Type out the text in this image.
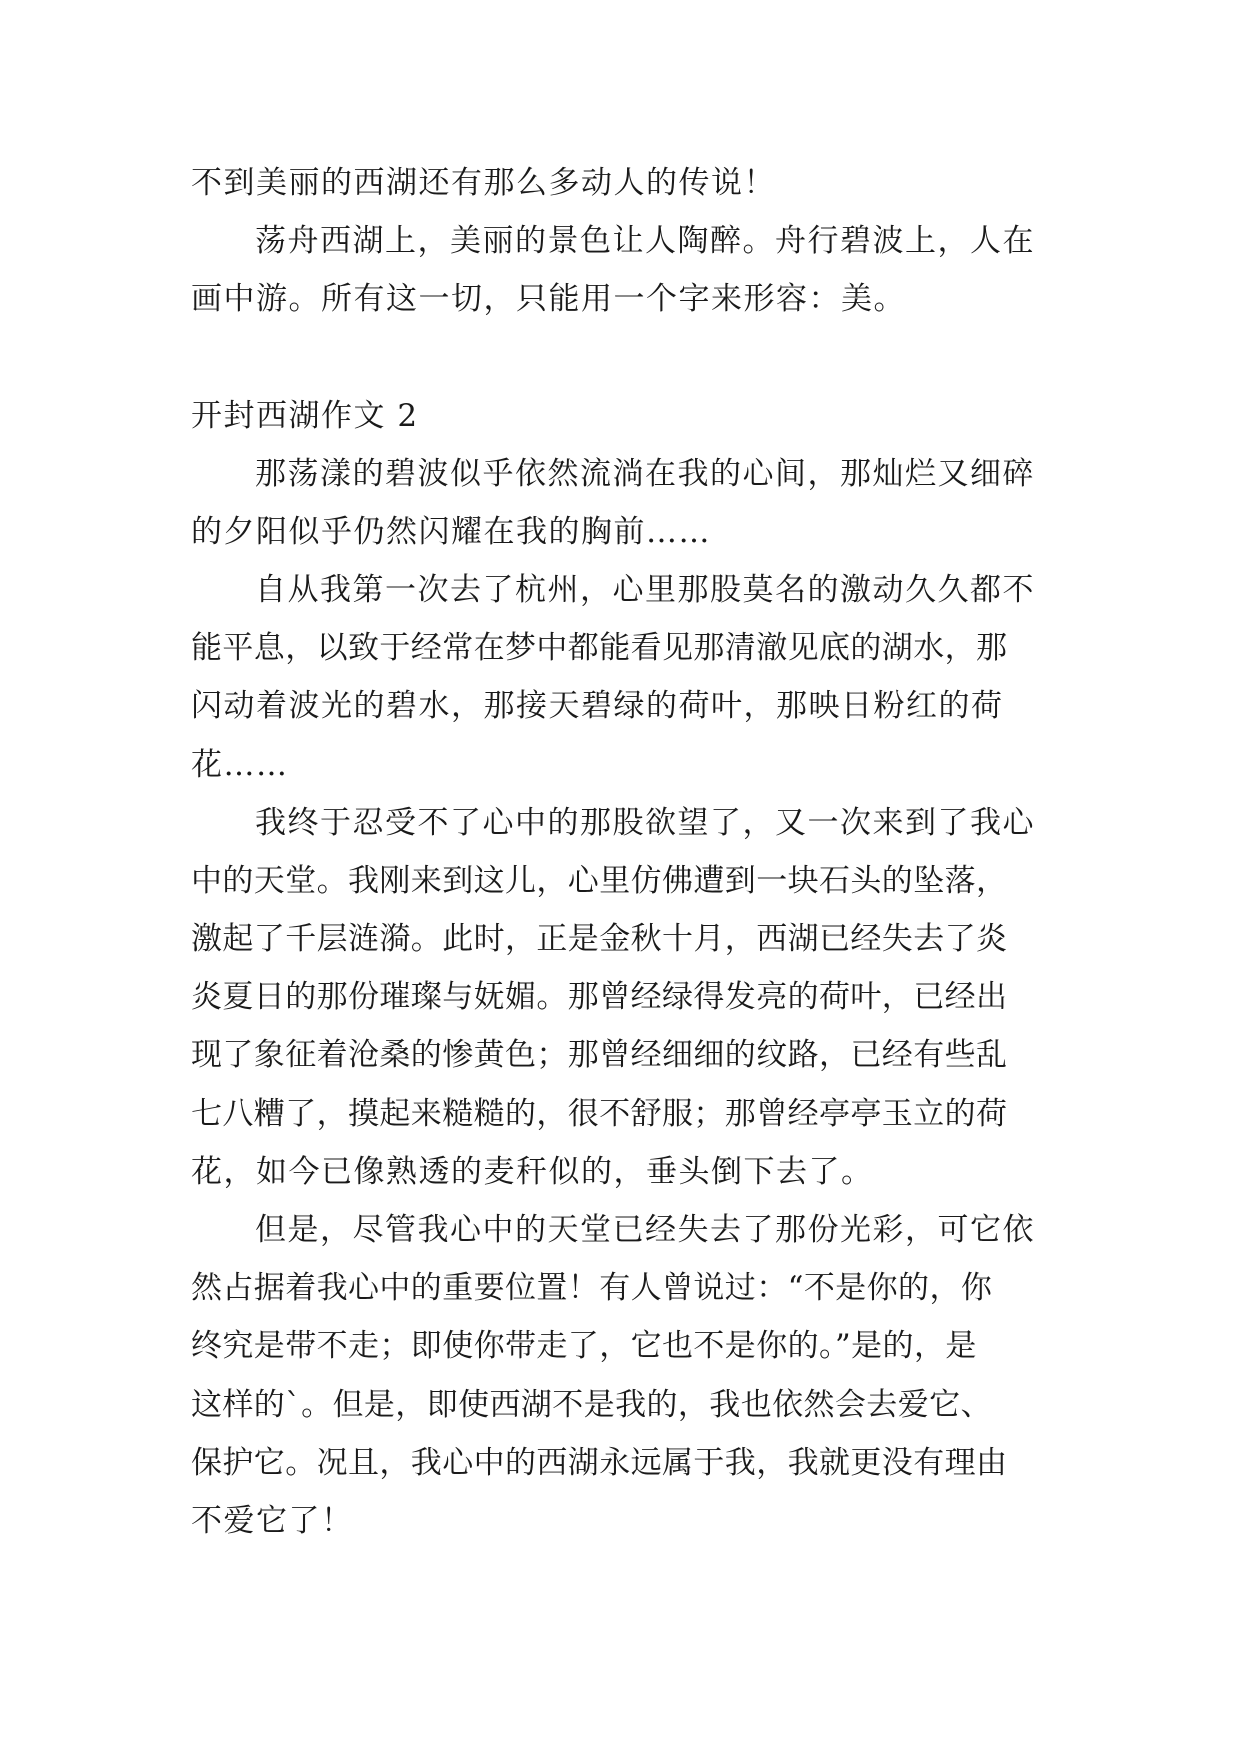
不到美丽的西湖还有那么多动人的传说！
荡舟西湖上，美丽的景色让人陶醉。舟行碧波上，人在
画中游。所有这一切，只能用一个字来形容：美。
开封西湖作文 2
那荡漾的碧波似乎依然流淌在我的心间，那灿烂又细碎
的夕阳似乎仍然闪耀在我的胸前……
自从我第一次去了杭州，心里那股莫名的激动久久都不
能平息，以致于经常在梦中都能看见那清澈见底的湖水，那
闪动着波光的碧水，那接天碧绿的荷叶，那映日粉红的荷
花……
我终于忍受不了心中的那股欲望了，又一次来到了我心
中的天堂。我刚来到这儿，心里仿佛遭到一块石头的坠落，
激起了千层涟漪。此时，正是金秋十月，西湖已经失去了炎
炎夏日的那份璀璨与妩媚。那曾经绿得发亮的荷叶，已经出
现了象征着沧桑的惨黄色；那曾经细细的纹路，已经有些乱
七八糟了，摸起来糙糙的，很不舒服；那曾经亭亭玉立的荷
花，如今已像熟透的麦秆似的，垂头倒下去了。
但是，尽管我心中的天堂已经失去了那份光彩，可它依
然占据着我心中的重要位置！有人曾说过：“不是你的，你
终究是带不走；即使你带走了，它也不是你的。”是的，是
这样的`。但是，即使西湖不是我的，我也依然会去爱它、
保护它。况且，我心中的西湖永远属于我，我就更没有理由
不爱它了！
